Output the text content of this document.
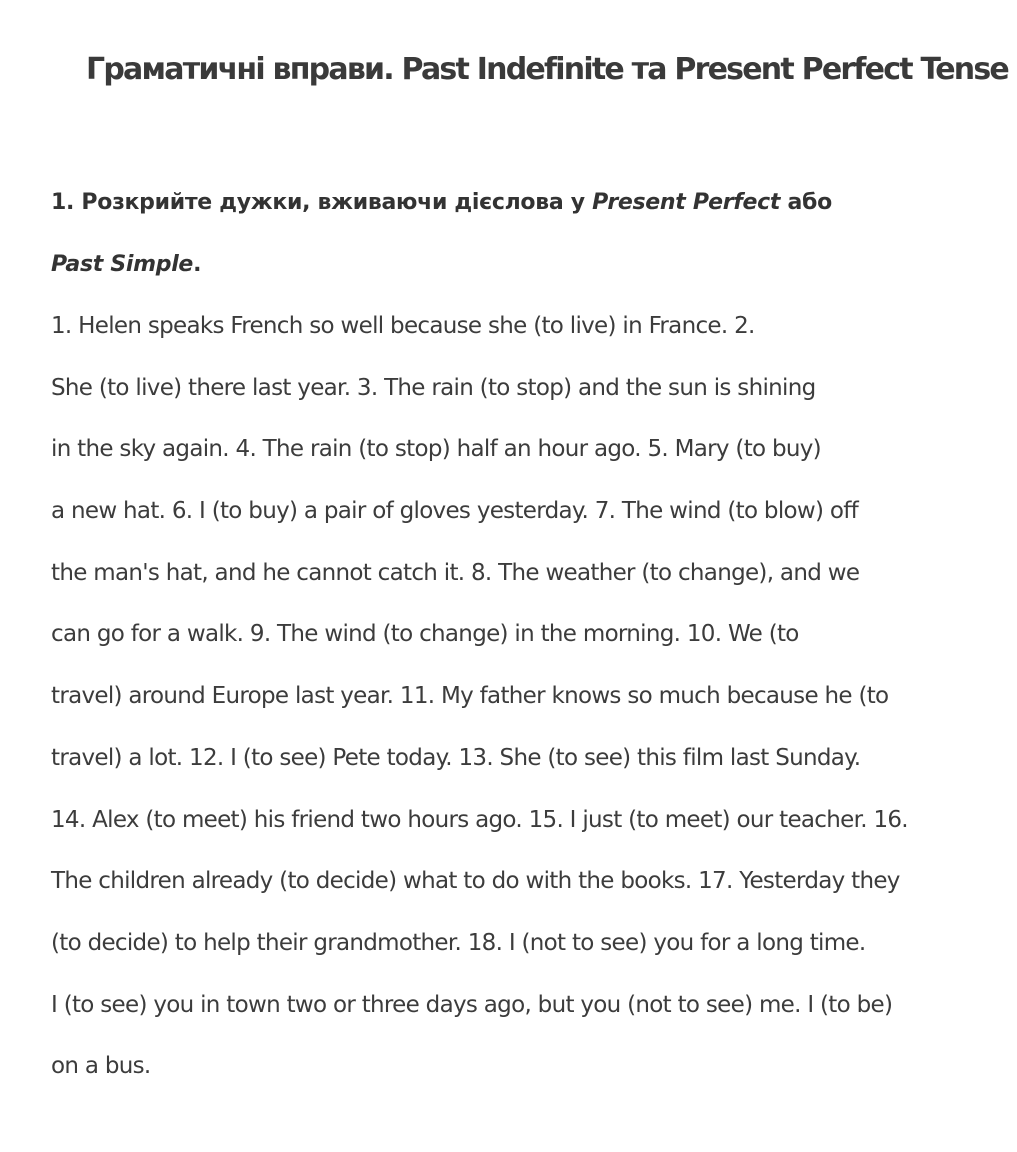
Граматичні вправи. Past Indefinite та Present Perfect Tense
1. Розкрийте дужки, вживаючи дієслова у Present Perfect або
Past Simple.
1. Helen speaks French so well because she (to live) in France. 2.
She (to live) there last year. 3. The rain (to stop) and the sun is shining
in the sky again. 4. The rain (to stop) half an hour ago. 5. Mary (to buy)
a new hat. 6. I (to buy) a pair of gloves yesterday. 7. The wind (to blow) off
the man's hat, and he cannot catch it. 8. The weather (to change), and we
can go for a walk. 9. The wind (to change) in the morning. 10. We (to
travel) around Europe last year. 11. My father knows so much because he (to
travel) a lot. 12. I (to see) Pete today. 13. She (to see) this film last Sunday.
14. Alex (to meet) his friend two hours ago. 15. I just (to meet) our teacher. 16.
The children already (to decide) what to do with the books. 17. Yesterday they
(to decide) to help their grandmother. 18. I (not to see) you for a long time.
I (to see) you in town two or three days ago, but you (not to see) me. I (to be)
on a bus.
